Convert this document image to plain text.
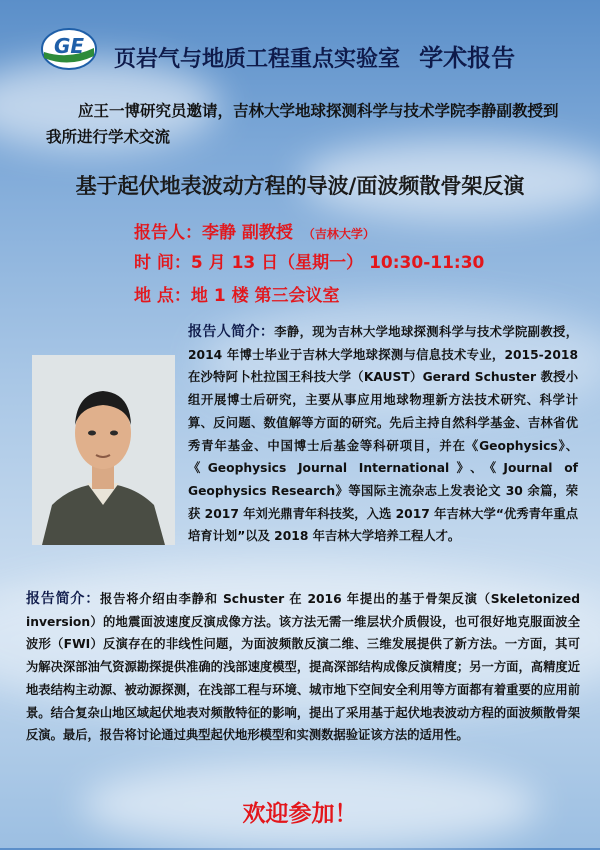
GE
页岩气与地质工程重点实验室 学术报告
应王一博研究员邀请，吉林大学地球探测科学与技术学院李静副教授到我所进行学术交流
基于起伏地表波动方程的导波/面波频散骨架反演
报告人：李静 副教授 （吉林大学）
时 间：5 月 13 日（星期一） 10:30-11:30
地 点：地 1 楼 第三会议室
报告人简介：李静，现为吉林大学地球探测科学与技术学院副教授，2014 年博士毕业于吉林大学地球探测与信息技术专业，2015-2018 在沙特阿卜杜拉国王科技大学（KAUST）Gerard Schuster 教授小组开展博士后研究，主要从事应用地球物理新方法技术研究、科学计算、反问题、数值解等方面的研究。先后主持自然科学基金、吉林省优秀青年基金、中国博士后基金等科研项目，并在《Geophysics》、《Geophysics Journal International》、《Journal of Geophysics Research》等国际主流杂志上发表论文 30 余篇，荣获 2017 年刘光鼎青年科技奖，入选 2017 年吉林大学“优秀青年重点培育计划”以及 2018 年吉林大学培养工程人才。
报告简介：报告将介绍由李静和 Schuster 在 2016 年提出的基于骨架反演（Skeletonized inversion）的地震面波速度反演成像方法。该方法无需一维层状介质假设，也可很好地克服面波全波形（FWI）反演存在的非线性问题，为面波频散反演二维、三维发展提供了新方法。一方面，其可为解决深部油气资源勘探提供准确的浅部速度模型，提高深部结构成像反演精度；另一方面，高精度近地表结构主动源、被动源探测，在浅部工程与环境、城市地下空间安全利用等方面都有着重要的应用前景。结合复杂山地区域起伏地表对频散特征的影响，提出了采用基于起伏地表波动方程的面波频散骨架反演。最后，报告将讨论通过典型起伏地形模型和实测数据验证该方法的适用性。
欢迎参加！
